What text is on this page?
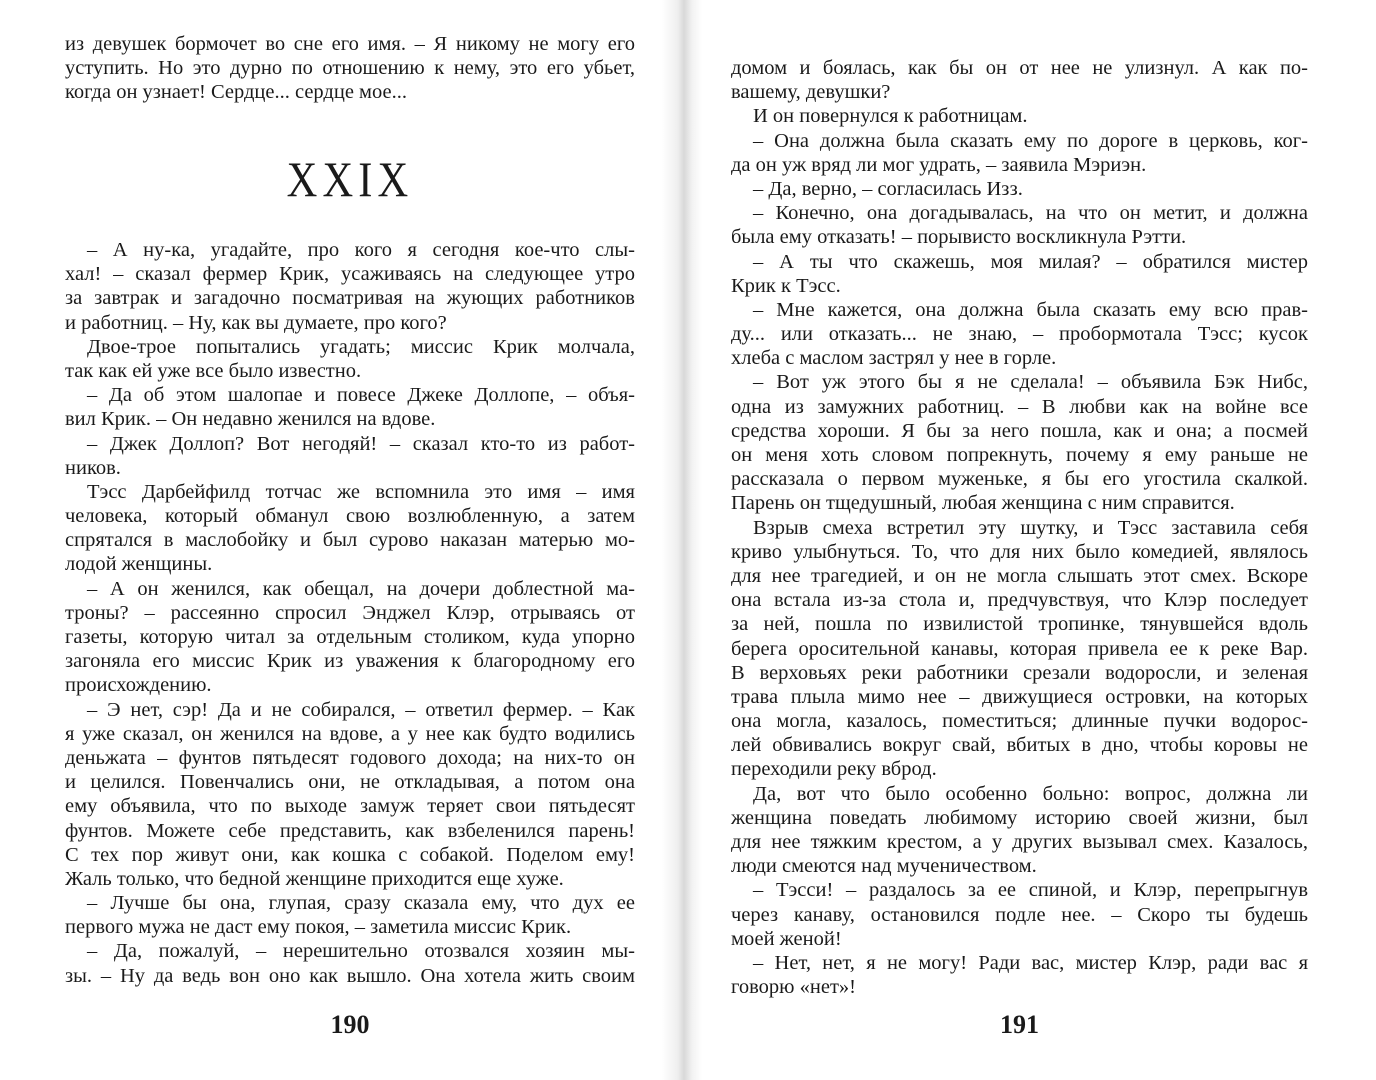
из девушек бормочет во сне его имя. – Я никому не могу его
уступить. Но это дурно по отношению к нему, это его убьет,
когда он узнает! Сердце... сердце мое...
XXIX
– А ну-ка, угадайте, про кого я сегодня кое-что слы-
хал! – сказал фермер Крик, усаживаясь на следующее утро
за завтрак и загадочно посматривая на жующих работников
и работниц. – Ну, как вы думаете, про кого?
Двое-трое попытались угадать; миссис Крик молчала,
так как ей уже все было известно.
– Да об этом шалопае и повесе Джеке Доллопе, – объя-
вил Крик. – Он недавно женился на вдове.
– Джек Доллоп? Вот негодяй! – сказал кто-то из работ-
ников.
Тэсс Дарбейфилд тотчас же вспомнила это имя – имя
человека, который обманул свою возлюбленную, а затем
спрятался в маслобойку и был сурово наказан матерью мо-
лодой женщины.
– А он женился, как обещал, на дочери доблестной ма-
троны? – рассеянно спросил Энджел Клэр, отрываясь от
газеты, которую читал за отдельным столиком, куда упорно
загоняла его миссис Крик из уважения к благородному его
происхождению.
– Э нет, сэр! Да и не собирался, – ответил фермер. – Как
я уже сказал, он женился на вдове, а у нее как будто водились
деньжата – фунтов пятьдесят годового дохода; на них-то он
и целился. Повенчались они, не откладывая, а потом она
ему объявила, что по выходе замуж теряет свои пятьдесят
фунтов. Можете себе представить, как взбеленился парень!
С тех пор живут они, как кошка с собакой. Поделом ему!
Жаль только, что бедной женщине приходится еще хуже.
– Лучше бы она, глупая, сразу сказала ему, что дух ее
первого мужа не даст ему покоя, – заметила миссис Крик.
– Да, пожалуй, – нерешительно отозвался хозяин мы-
зы. – Ну да ведь вон оно как вышло. Она хотела жить своим
190
домом и боялась, как бы он от нее не улизнул. А как по-
вашему, девушки?
И он повернулся к работницам.
– Она должна была сказать ему по дороге в церковь, ког-
да он уж вряд ли мог удрать, – заявила Мэриэн.
– Да, верно, – согласилась Изз.
– Конечно, она догадывалась, на что он метит, и должна
была ему отказать! – порывисто воскликнула Рэтти.
– А ты что скажешь, моя милая? – обратился мистер
Крик к Тэсс.
– Мне кажется, она должна была сказать ему всю прав-
ду... или отказать... не знаю, – пробормотала Тэсс; кусок
хлеба с маслом застрял у нее в горле.
– Вот уж этого бы я не сделала! – объявила Бэк Нибс,
одна из замужних работниц. – В любви как на войне все
средства хороши. Я бы за него пошла, как и она; а посмей
он меня хоть словом попрекнуть, почему я ему раньше не
рассказала о первом муженьке, я бы его угостила скалкой.
Парень он тщедушный, любая женщина с ним справится.
Взрыв смеха встретил эту шутку, и Тэсс заставила себя
криво улыбнуться. То, что для них было комедией, являлось
для нее трагедией, и он не могла слышать этот смех. Вскоре
она встала из-за стола и, предчувствуя, что Клэр последует
за ней, пошла по извилистой тропинке, тянувшейся вдоль
берега оросительной канавы, которая привела ее к реке Вар.
В верховьях реки работники срезали водоросли, и зеленая
трава плыла мимо нее – движущиеся островки, на которых
она могла, казалось, поместиться; длинные пучки водорос-
лей обвивались вокруг свай, вбитых в дно, чтобы коровы не
переходили реку вброд.
Да, вот что было особенно больно: вопрос, должна ли
женщина поведать любимому историю своей жизни, был
для нее тяжким крестом, а у других вызывал смех. Казалось,
люди смеются над мученичеством.
– Тэсси! – раздалось за ее спиной, и Клэр, перепрыгнув
через канаву, остановился подле нее. – Скоро ты будешь
моей женой!
– Нет, нет, я не могу! Ради вас, мистер Клэр, ради вас я
говорю «нет»!
191
